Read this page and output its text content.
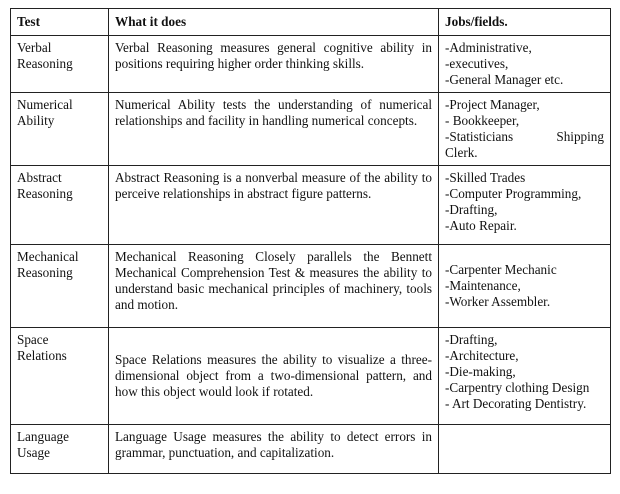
Test	What it does	Jobs/fields.

Verbal
Reasoning	Verbal Reasoning measures general cognitive ability in positions requiring higher order thinking skills.	-Administrative,
-executives,
-General Manager etc.

Numerical
Ability	Numerical Ability tests the understanding of numerical relationships and facility in handling numerical concepts.	-Project Manager,
- Bookkeeper,
-Statisticians Shipping
Clerk.

Abstract
Reasoning	Abstract Reasoning is a nonverbal measure of the ability to perceive relationships in abstract figure patterns.	-Skilled Trades
-Computer Programming,
-Drafting,
-Auto Repair.

Mechanical
Reasoning	Mechanical Reasoning Closely parallels the Bennett Mechanical Comprehension Test & measures the ability to understand basic mechanical principles of machinery, tools and motion.	-Carpenter Mechanic
-Maintenance,
-Worker Assembler.

Space
Relations	Space Relations measures the ability to visualize a three-dimensional object from a two-dimensional pattern, and how this object would look if rotated.	-Drafting,
-Architecture,
-Die-making,
-Carpentry clothing Design
- Art Decorating Dentistry.

Language
Usage	Language Usage measures the ability to detect errors in grammar, punctuation, and capitalization.	
